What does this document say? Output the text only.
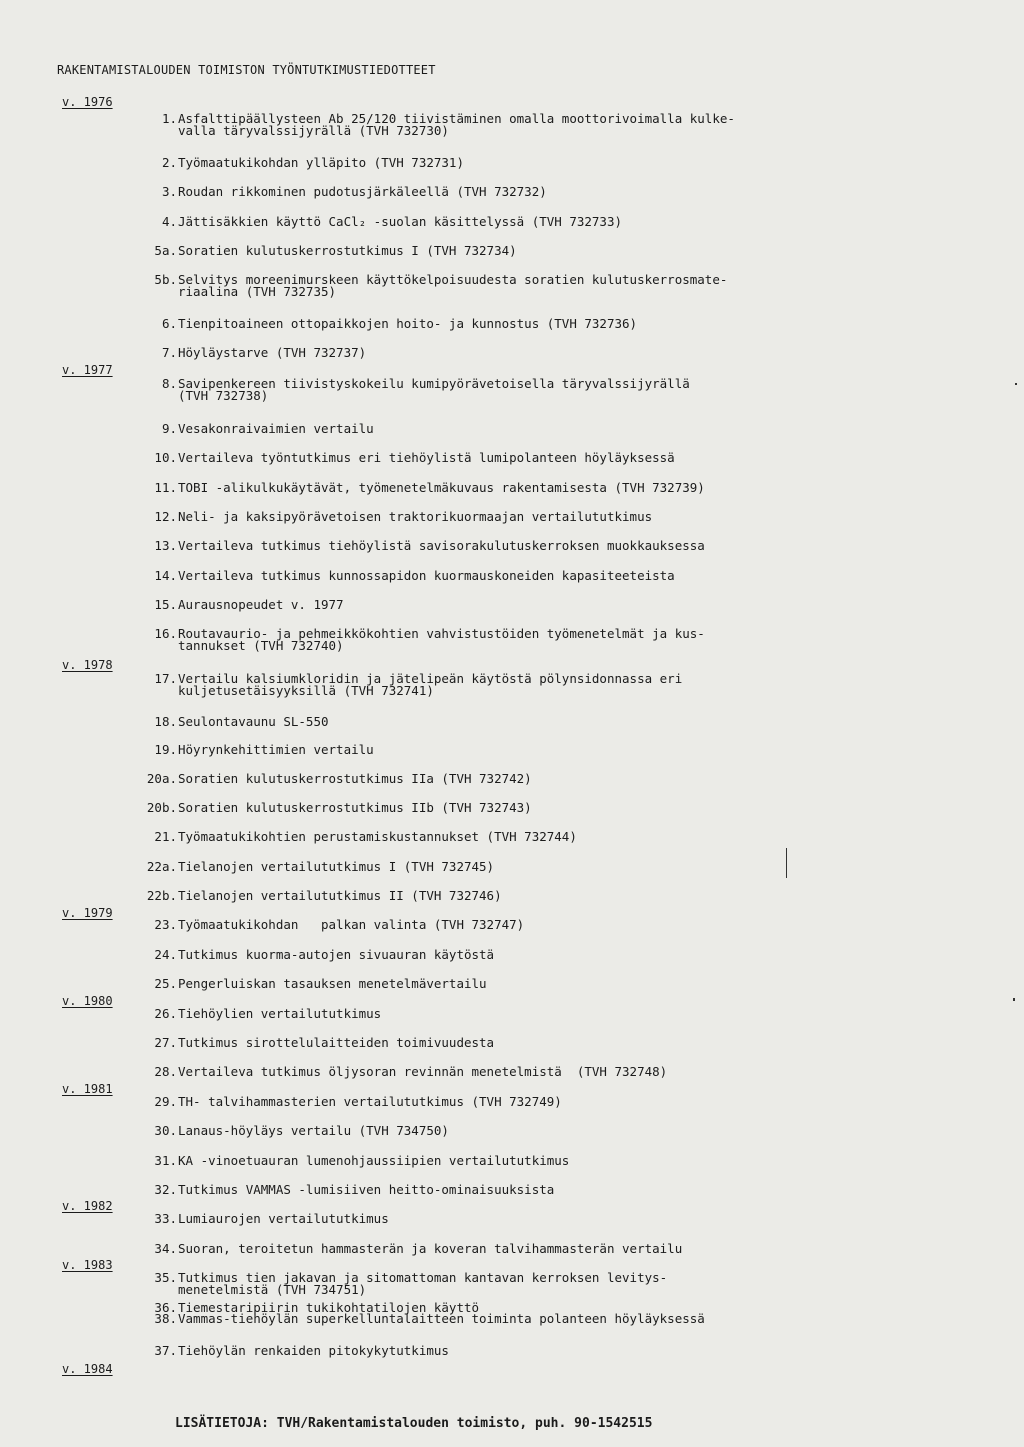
RAKENTAMISTALOUDEN TOIMISTON TYÖNTUTKIMUSTIEDOTTEET
v. 1976
v. 1977
v. 1978
v. 1979
v. 1980
v. 1981
v. 1982
v. 1983
v. 1984
1.Asfalttipäällysteen Ab 25/120 tiivistäminen omalla moottorivoimalla kulke-
valla täryvalssijyrällä (TVH 732730)
2.Työmaatukikohdan ylläpito (TVH 732731)
3.Roudan rikkominen pudotusjärkäleellä (TVH 732732)
4.Jättisäkkien käyttö CaCl₂ -suolan käsittelyssä (TVH 732733)
5a.Soratien kulutuskerrostutkimus I (TVH 732734)
5b.Selvitys moreenimurskeen käyttökelpoisuudesta soratien kulutuskerrosmate-
riaalina (TVH 732735)
6.Tienpitoaineen ottopaikkojen hoito- ja kunnostus (TVH 732736)
7.Höyläystarve (TVH 732737)
8.Savipenkereen tiivistyskokeilu kumipyörävetoisella täryvalssijyrällä
(TVH 732738)
9.Vesakonraivaimien vertailu
10.Vertaileva työntutkimus eri tiehöylistä lumipolanteen höyläyksessä
11.TOBI -alikulkukäytävät, työmenetelmäkuvaus rakentamisesta (TVH 732739)
12.Neli- ja kaksipyörävetoisen traktorikuormaajan vertailututkimus
13.Vertaileva tutkimus tiehöylistä savisorakulutuskerroksen muokkauksessa
14.Vertaileva tutkimus kunnossapidon kuormauskoneiden kapasiteeteista
15.Aurausnopeudet v. 1977
16.Routavaurio- ja pehmeikkökohtien vahvistustöiden työmenetelmät ja kus-
tannukset (TVH 732740)
17.Vertailu kalsiumkloridin ja jätelipeän käytöstä pölynsidonnassa eri
kuljetusetäisyyksillä (TVH 732741)
18.Seulontavaunu SL-550
19.Höyrynkehittimien vertailu
20a.Soratien kulutuskerrostutkimus IIa (TVH 732742)
20b.Soratien kulutuskerrostutkimus IIb (TVH 732743)
21.Työmaatukikohtien perustamiskustannukset (TVH 732744)
22a.Tielanojen vertailututkimus I (TVH 732745)
22b.Tielanojen vertailututkimus II (TVH 732746)
23.Työmaatukikohdan   palkan valinta (TVH 732747)
24.Tutkimus kuorma-autojen sivuauran käytöstä
25.Pengerluiskan tasauksen menetelmävertailu
26.Tiehöylien vertailututkimus
27.Tutkimus sirottelulaitteiden toimivuudesta
28.Vertaileva tutkimus öljysoran revinnän menetelmistä  (TVH 732748)
29.TH- talvihammasterien vertailututkimus (TVH 732749)
30.Lanaus-höyläys vertailu (TVH 734750)
31.KA -vinoetuauran lumenohjaussiipien vertailututkimus
32.Tutkimus VAMMAS -lumisiiven heitto-ominaisuuksista
33.Lumiaurojen vertailututkimus
34.Suoran, teroitetun hammasterän ja koveran talvihammasterän vertailu
35.Tutkimus tien jakavan ja sitomattoman kantavan kerroksen levitys-
menetelmistä (TVH 734751)
36.Tiemestaripiirin tukikohtatilojen käyttö
37.Tiehöylän renkaiden pitokykytutkimus
38.Vammas-tiehöylän superkelluntalaitteen toiminta polanteen höyläyksessä
LISÄTIETOJA: TVH/Rakentamistalouden toimisto, puh. 90-1542515
